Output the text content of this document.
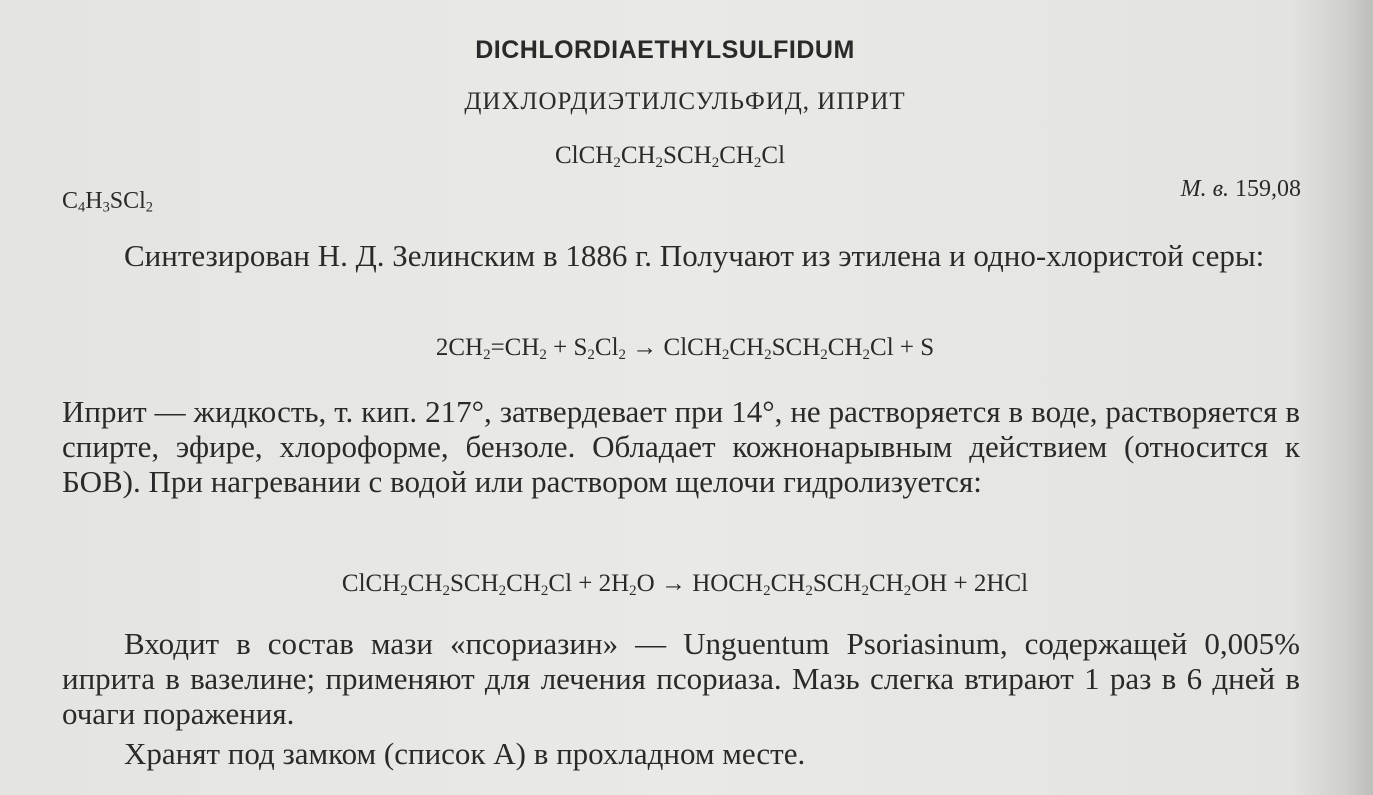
DICHLORDIAETHYLSULFIDUM
ДИХЛОРДИЭТИЛСУЛЬФИД, ИПРИТ
$ClCH_2CH_2SCH_2CH_2Cl$
$C_4H_3SCl_2$
М. в. 159,08
Синтезирован Н. Д. Зелинским в 1886 г. Получают из этилена и одно-хлористой серы:
$2CH_2=CH_2 + S_2Cl_2$ → $ClCH_2CH_2SCH_2CH_2Cl + S$
Иприт — жидкость, т. кип. 217°, затвердевает при 14°, не растворяется в воде, растворяется в спирте, эфире, хлороформе, бензоле. Обладает кожнонарывным действием (относится к БОВ). При нагревании с водой или раствором щелочи гидролизуется:
$ClCH_2CH_2SCH_2CH_2Cl + 2H_2O$ → $HOCH_2CH_2SCH_2CH_2OH + 2HCl$
Входит в состав мази «псориазин» — Unguentum Psoriasinum, содержащей 0,005% иприта в вазелине; применяют для лечения псориаза. Мазь слегка втирают 1 раз в 6 дней в очаги поражения.
Хранят под замком (список А) в прохладном месте.
